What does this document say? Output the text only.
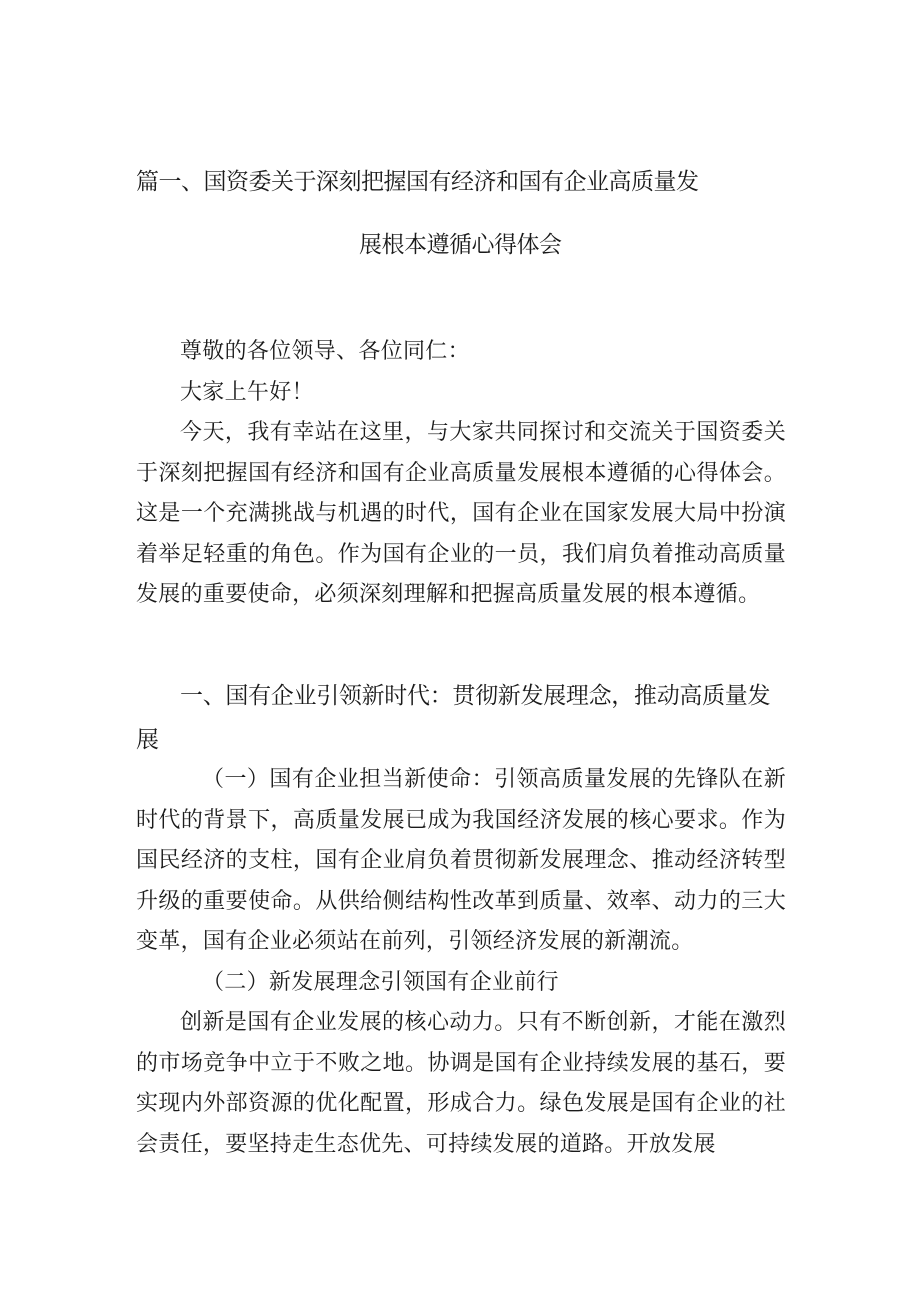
篇一、国资委关于深刻把握国有经济和国有企业高质量发
展根本遵循心得体会

尊敬的各位领导、各位同仁：

大家上午好！

今天，我有幸站在这里，与大家共同探讨和交流关于国资委关于深刻把握国有经济和国有企业高质量发展根本遵循的心得体会。这是一个充满挑战与机遇的时代，国有企业在国家发展大局中扮演着举足轻重的角色。作为国有企业的一员，我们肩负着推动高质量发展的重要使命，必须深刻理解和把握高质量发展的根本遵循。

一、国有企业引领新时代：贯彻新发展理念，推动高质量发展

（一）国有企业担当新使命：引领高质量发展的先锋队在新时代的背景下，高质量发展已成为我国经济发展的核心要求。作为国民经济的支柱，国有企业肩负着贯彻新发展理念、推动经济转型升级的重要使命。从供给侧结构性改革到质量、效率、动力的三大变革，国有企业必须站在前列，引领经济发展的新潮流。

（二）新发展理念引领国有企业前行

创新是国有企业发展的核心动力。只有不断创新，才能在激烈的市场竞争中立于不败之地。协调是国有企业持续发展的基石，要实现内外部资源的优化配置，形成合力。绿色发展是国有企业的社会责任，要坚持走生态优先、可持续发展的道路。开放发展
